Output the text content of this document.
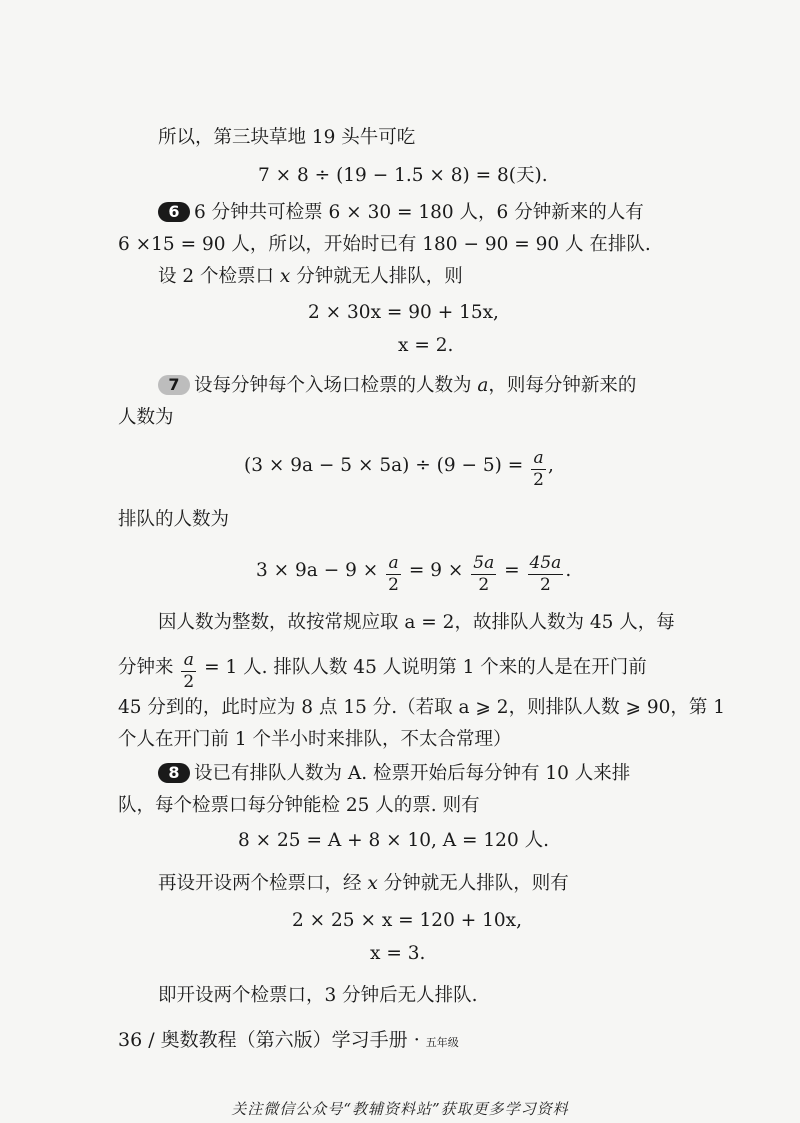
所以，第三块草地 19 头牛可吃
7 × 8 ÷ (19 − 1.5 × 8) = 8(天).
6 6 分钟共可检票 6 × 30 = 180 人，6 分钟新来的人有
6 ×15 = 90 人，所以，开始时已有 180 − 90 = 90 人 在排队.
设 2 个检票口 x 分钟就无人排队，则
2 × 30x = 90 + 15x,
x = 2.
7 设每分钟每个入场口检票的人数为 a，则每分钟新来的
人数为
$(3 \times 9a - 5 \times 5a) \div (9 - 5) = \frac{a}{2}$ ,
排队的人数为
$3 \times 9a - 9 \times \frac{a}{2} = 9 \times \frac{5a}{2} = \frac{45a}{2}$ .
因人数为整数，故按常规应取 a = 2，故排队人数为 45 人，每
分钟来 $\frac{a}{2} = 1$ 人. 排队人数 45 人说明第 1 个来的人是在开门前
45 分到的，此时应为 8 点 15 分.（若取 a ⩾ 2，则排队人数 ⩾ 90，第 1
个人在开门前 1 个半小时来排队，不太合常理）
8 设已有排队人数为 A. 检票开始后每分钟有 10 人来排
队，每个检票口每分钟能检 25 人的票. 则有
8 × 25 = A + 8 × 10, A = 120 人.
再设开设两个检票口，经 x 分钟就无人排队，则有
2 × 25 × x = 120 + 10x,
x = 3.
即开设两个检票口，3 分钟后无人排队.
36 / 奥数教程（第六版）学习手册 · 五年级
关注微信公众号“教辅资料站”获取更多学习资料
